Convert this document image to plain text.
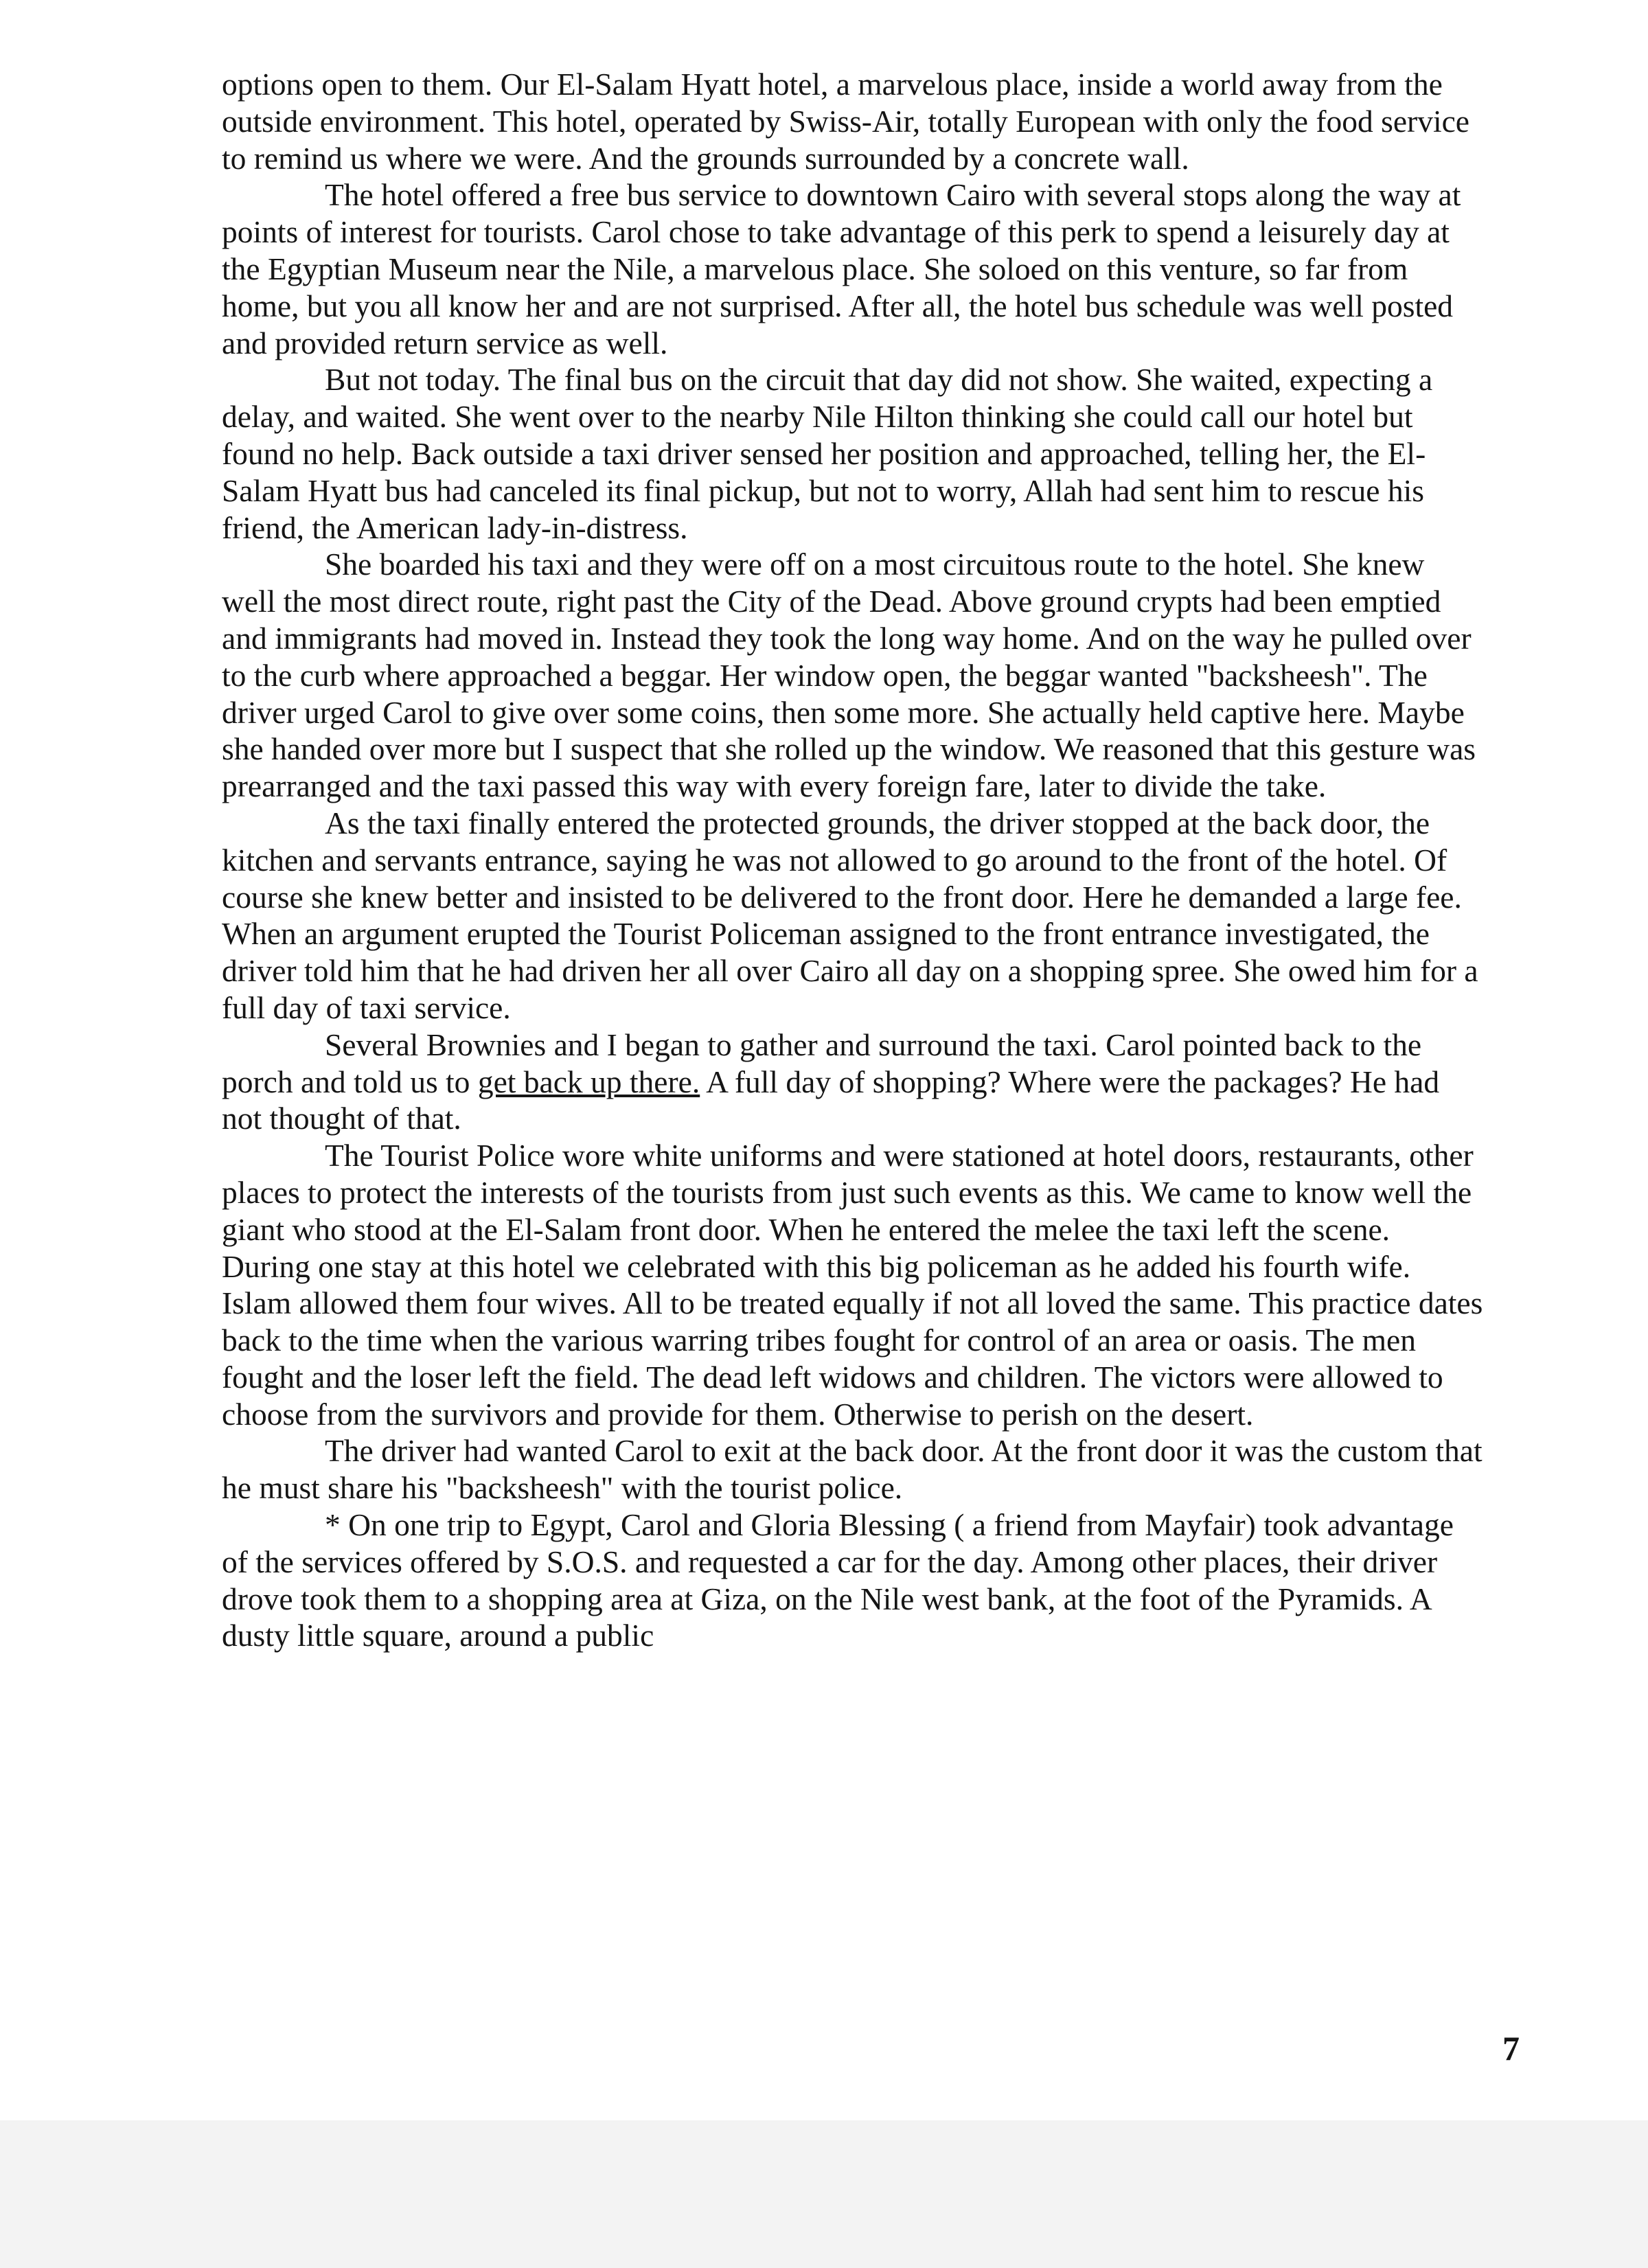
options open to them. Our El-Salam Hyatt hotel, a marvelous place, inside a world away from the outside environment. This hotel, operated by Swiss-Air, totally European with only the food service to remind us where we were. And the grounds surrounded by a concrete wall.

The hotel offered a free bus service to downtown Cairo with several stops along the way at points of interest for tourists. Carol chose to take advantage of this perk to spend a leisurely day at the Egyptian Museum near the Nile, a marvelous place. She soloed on this venture, so far from home, but you all know her and are not surprised. After all, the hotel bus schedule was well posted and provided return service as well.

But not today. The final bus on the circuit that day did not show. She waited, expecting a delay, and waited. She went over to the nearby Nile Hilton thinking she could call our hotel but found no help. Back outside a taxi driver sensed her position and approached, telling her, the El-Salam Hyatt bus had canceled its final pickup, but not to worry, Allah had sent him to rescue his friend, the American lady-in-distress.

She boarded his taxi and they were off on a most circuitous route to the hotel. She knew well the most direct route, right past the City of the Dead. Above ground crypts had been emptied and immigrants had moved in. Instead they took the long way home. And on the way he pulled over to the curb where approached a beggar. Her window open, the beggar wanted "backsheesh". The driver urged Carol to give over some coins, then some more. She actually held captive here. Maybe she handed over more but I suspect that she rolled up the window. We reasoned that this gesture was prearranged and the taxi passed this way with every foreign fare, later to divide the take.

As the taxi finally entered the protected grounds, the driver stopped at the back door, the kitchen and servants entrance, saying he was not allowed to go around to the front of the hotel. Of course she knew better and insisted to be delivered to the front door. Here he demanded a large fee. When an argument erupted the Tourist Policeman assigned to the front entrance investigated, the driver told him that he had driven her all over Cairo all day on a shopping spree. She owed him for a full day of taxi service.

Several Brownies and I began to gather and surround the taxi. Carol pointed back to the porch and told us to get back up there. A full day of shopping? Where were the packages? He had not thought of that.

The Tourist Police wore white uniforms and were stationed at hotel doors, restaurants, other places to protect the interests of the tourists from just such events as this. We came to know well the giant who stood at the El-Salam front door. When he entered the melee the taxi left the scene. During one stay at this hotel we celebrated with this big policeman as he added his fourth wife. Islam allowed them four wives. All to be treated equally if not all loved the same. This practice dates back to the time when the various warring tribes fought for control of an area or oasis. The men fought and the loser left the field. The dead left widows and children. The victors were allowed to choose from the survivors and provide for them. Otherwise to perish on the desert.

The driver had wanted Carol to exit at the back door. At the front door it was the custom that he must share his "backsheesh" with the tourist police.

* On one trip to Egypt, Carol and Gloria Blessing ( a friend from Mayfair) took advantage of the services offered by S.O.S. and requested a car for the day. Among other places, their driver drove took them to a shopping area at Giza, on the Nile west bank, at the foot of the Pyramids. A dusty little square, around a public

7
